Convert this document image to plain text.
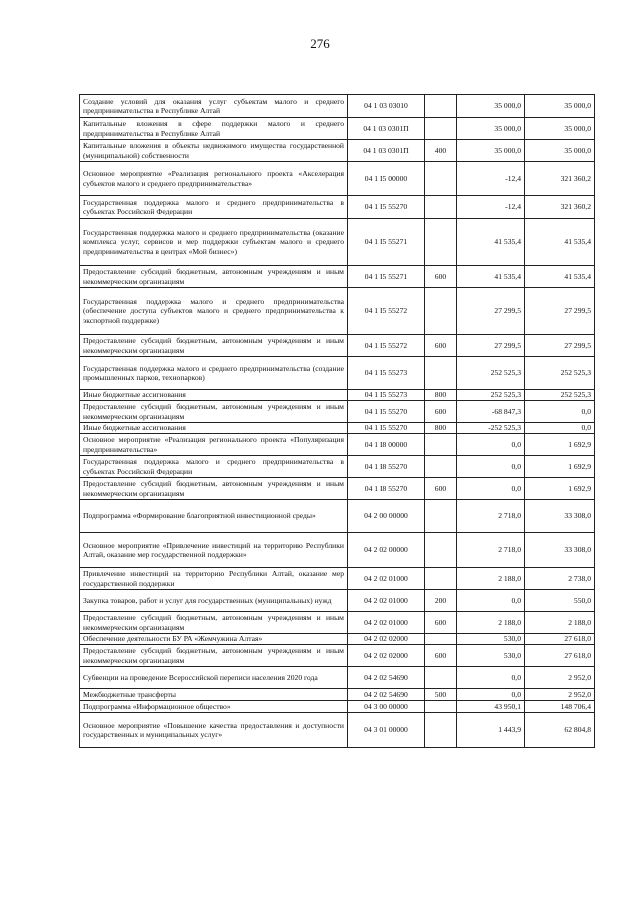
276
Создание условий для оказания услуг субъектам малого и среднего предпринимательства в Республике Алтай	04 1 03 03010		35 000,0	35 000,0
Капитальные вложения в сфере поддержки малого и среднего предпринимательства в Республике Алтай	04 1 03 0301П		35 000,0	35 000,0
Капитальные вложения в объекты недвижимого имущества государственной (муниципальной) собственности	04 1 03 0301П	400	35 000,0	35 000,0
Основное мероприятие «Реализация регионального проекта «Акселерация субъектов малого и среднего предпринимательства»	04 1 I5 00000		-12,4	321 360,2
Государственная поддержка малого и среднего предпринимательства в субъектах Российской Федерации	04 1 I5 55270		-12,4	321 360,2
Государственная поддержка малого и среднего предпринимательства (оказание комплекса услуг, сервисов и мер поддержки субъектам малого и среднего предпринимательства в центрах «Мой бизнес»)	04 1 I5 55271		41 535,4	41 535,4
Предоставление субсидий бюджетным, автономным учреждениям и иным некоммерческим организациям	04 1 I5 55271	600	41 535,4	41 535,4
Государственная поддержка малого и среднего предпринимательства (обеспечение доступа субъектов малого и среднего предпринимательства к экспортной поддержке)	04 1 I5 55272		27 299,5	27 299,5
Предоставление субсидий бюджетным, автономным учреждениям и иным некоммерческим организациям	04 1 I5 55272	600	27 299,5	27 299,5
Государственная поддержка малого и среднего предпринимательства (создание промышленных парков, технопарков)	04 1 I5 55273		252 525,3	252 525,3
Иные бюджетные ассигнования	04 1 I5 55273	800	252 525,3	252 525,3
Предоставление субсидий бюджетным, автономным учреждениям и иным некоммерческим организациям	04 1 I5 55270	600	-68 847,3	0,0
Иные бюджетные ассигнования	04 1 I5 55270	800	-252 525,3	0,0
Основное мероприятие «Реализация регионального проекта «Популяризация предпринимательства»	04 1 I8 00000		0,0	1 692,9
Государственная поддержка малого и среднего предпринимательства в субъектах Российской Федерации	04 1 I8 55270		0,0	1 692,9
Предоставление субсидий бюджетным, автономным учреждениям и иным некоммерческим организациям	04 1 I8 55270	600	0,0	1 692,9
Подпрограмма «Формирование благоприятной инвестиционной среды»	04 2 00 00000		2 718,0	33 308,0
Основное мероприятие «Привлечение инвестиций на территорию Республики Алтай, оказание мер государственной поддержки»	04 2 02 00000		2 718,0	33 308,0
Привлечение инвестиций на территорию Республики Алтай, оказание мер государственной поддержки	04 2 02 01000		2 188,0	2 738,0
Закупка товаров, работ и услуг для государственных (муниципальных) нужд	04 2 02 01000	200	0,0	550,0
Предоставление субсидий бюджетным, автономным учреждениям и иным некоммерческим организациям	04 2 02 01000	600	2 188,0	2 188,0
Обеспечение деятельности БУ РА «Жемчужина Алтая»	04 2 02 02000		530,0	27 618,0
Предоставление субсидий бюджетным, автономным учреждениям и иным некоммерческим организациям	04 2 02 02000	600	530,0	27 618,0
Субвенции на проведение Всероссийской переписи населения 2020 года	04 2 02 54690		0,0	2 952,0
Межбюджетные трансферты	04 2 02 54690	500	0,0	2 952,0
Подпрограмма «Информационное общество»	04 3 00 00000		43 950,1	148 706,4
Основное мероприятие «Повышение качества предоставления и доступности государственных и муниципальных услуг»	04 3 01 00000		1 443,9	62 804,8
